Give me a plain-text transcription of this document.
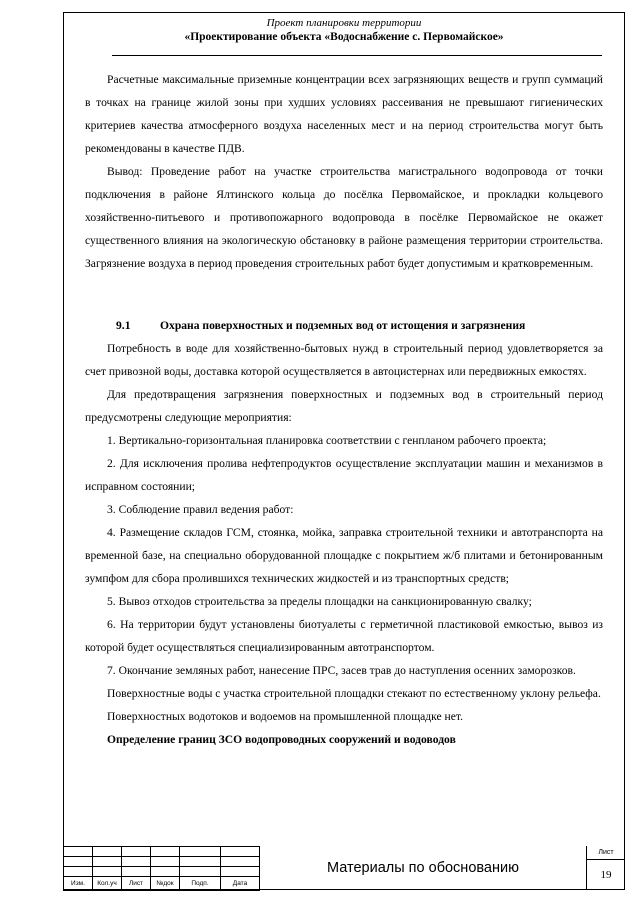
Проект планировки территории
«Проектирование объекта «Водоснабжение с. Первомайское»

Расчетные максимальные приземные концентрации всех загрязняющих веществ и групп суммаций в точках на границе жилой зоны при худших условиях рассеивания не превышают гигиенических критериев качества атмосферного воздуха населенных мест и на период строительства могут быть рекомендованы в качестве ПДВ.

Вывод: Проведение работ на участке строительства магистрального водопровода от точки подключения в районе Ялтинского кольца до посёлка Первомайское, и прокладки кольцевого хозяйственно-питьевого и противопожарного водопровода в посёлке Первомайское не окажет существенного влияния на экологическую обстановку в районе размещения территории строительства. Загрязнение воздуха в период проведения строительных работ будет допустимым и кратковременным.

9.1	Охрана поверхностных и подземных вод от истощения и загрязнения

Потребность в воде для хозяйственно-бытовых нужд в строительный период удовлетворяется за счет привозной воды, доставка которой осуществляется в автоцистернах или передвижных емкостях.

Для предотвращения загрязнения поверхностных и подземных вод в строительный период предусмотрены следующие мероприятия:

1. Вертикально-горизонтальная планировка соответствии с генпланом рабочего проекта;

2. Для исключения пролива нефтепродуктов осуществление эксплуатации машин и механизмов в исправном состоянии;

3. Соблюдение правил ведения работ:

4. Размещение складов ГСМ, стоянка, мойка, заправка строительной техники и автотранспорта на временной базе, на специально оборудованной площадке с покрытием ж/б плитами и бетонированным зумпфом для сбора пролившихся технических жидкостей и из транспортных средств;

5. Вывоз отходов строительства за пределы площадки на санкционированную свалку;

6. На территории будут установлены биотуалеты с герметичной пластиковой емкостью, вывоз из которой будет осуществляться специализированным автотранспортом.

7. Окончание земляных работ, нанесение ПРС, засев трав до наступления осенних заморозков.

Поверхностные воды с участка строительной площадки стекают по естественному уклону рельефа.

Поверхностных водотоков и водоемов на промышленной площадке нет.

Определение границ ЗСО водопроводных сооружений и водоводов

Изм.	Кол.уч	Лист	№док	Подп.	Дата
Материалы по обоснованию
Лист
19
